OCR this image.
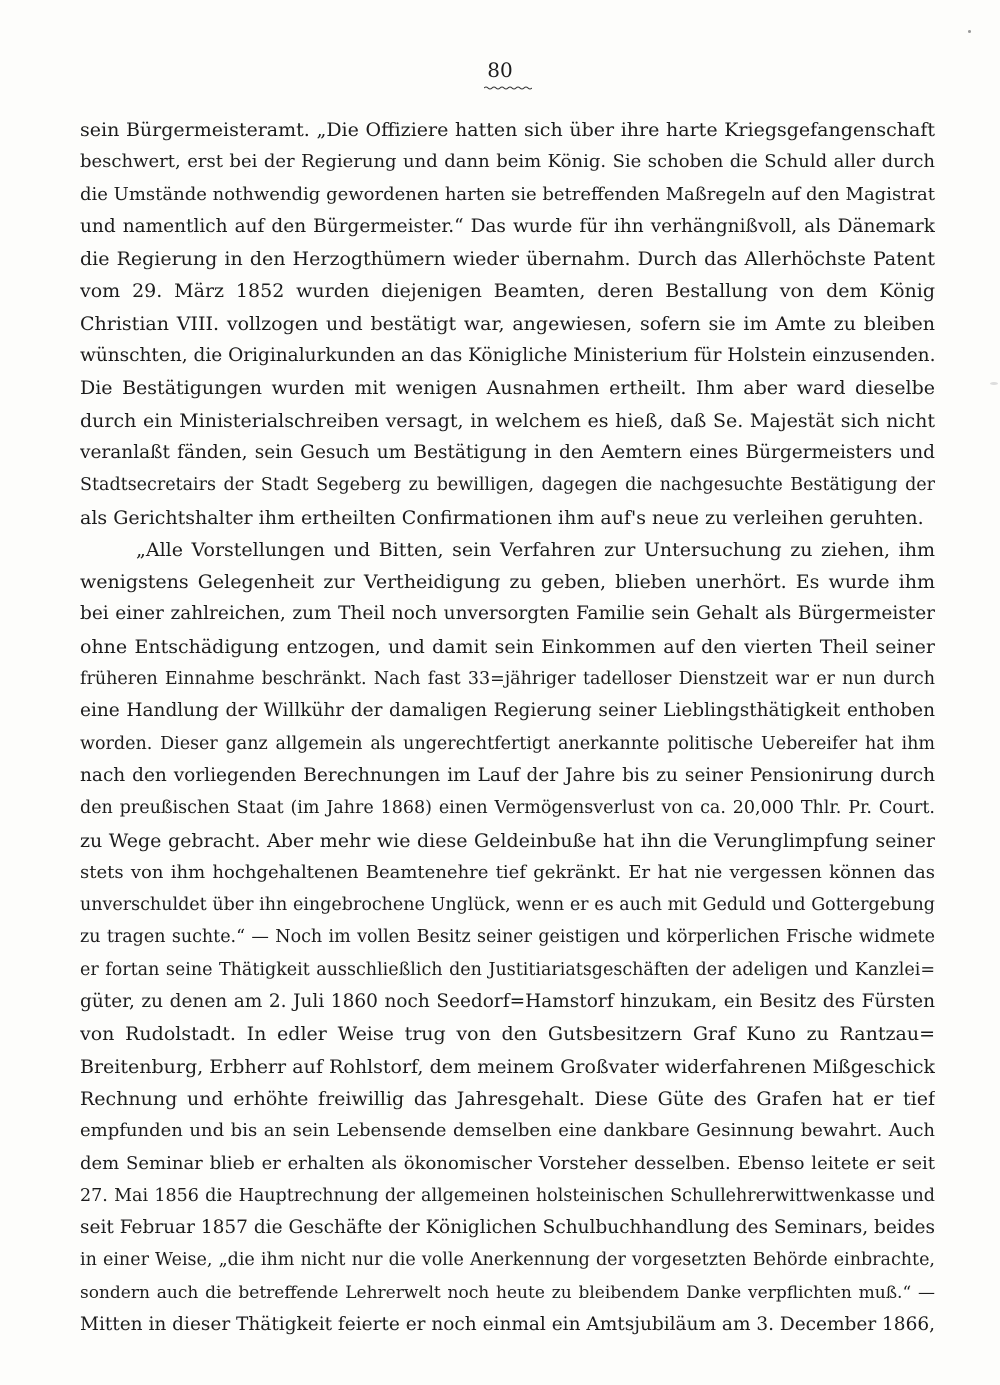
80
sein Bürgermeisteramt. „Die Offiziere hatten sich über ihre harte Kriegsgefangenschaft
beschwert, erst bei der Regierung und dann beim König. Sie schoben die Schuld aller durch
die Umstände nothwendig gewordenen harten sie betreffenden Maßregeln auf den Magistrat
und namentlich auf den Bürgermeister.“ Das wurde für ihn verhängnißvoll, als Dänemark
die Regierung in den Herzogthümern wieder übernahm. Durch das Allerhöchste Patent
vom 29. März 1852 wurden diejenigen Beamten, deren Bestallung von dem König
Christian VIII. vollzogen und bestätigt war, angewiesen, sofern sie im Amte zu bleiben
wünschten, die Originalurkunden an das Königliche Ministerium für Holstein einzusenden.
Die Bestätigungen wurden mit wenigen Ausnahmen ertheilt. Ihm aber ward dieselbe
durch ein Ministerialschreiben versagt, in welchem es hieß, daß Se. Majestät sich nicht
veranlaßt fänden, sein Gesuch um Bestätigung in den Aemtern eines Bürgermeisters und
Stadtsecretairs der Stadt Segeberg zu bewilligen, dagegen die nachgesuchte Bestätigung der
als Gerichtshalter ihm ertheilten Confirmationen ihm auf's neue zu verleihen geruhten.
„Alle Vorstellungen und Bitten, sein Verfahren zur Untersuchung zu ziehen, ihm
wenigstens Gelegenheit zur Vertheidigung zu geben, blieben unerhört. Es wurde ihm
bei einer zahlreichen, zum Theil noch unversorgten Familie sein Gehalt als Bürgermeister
ohne Entschädigung entzogen, und damit sein Einkommen auf den vierten Theil seiner
früheren Einnahme beschränkt. Nach fast 33=jähriger tadelloser Dienstzeit war er nun durch
eine Handlung der Willkühr der damaligen Regierung seiner Lieblingsthätigkeit enthoben
worden. Dieser ganz allgemein als ungerechtfertigt anerkannte politische Uebereifer hat ihm
nach den vorliegenden Berechnungen im Lauf der Jahre bis zu seiner Pensionirung durch
den preußischen Staat (im Jahre 1868) einen Vermögensverlust von ca. 20,000 Thlr. Pr. Court.
zu Wege gebracht. Aber mehr wie diese Geldeinbuße hat ihn die Verunglimpfung seiner
stets von ihm hochgehaltenen Beamtenehre tief gekränkt. Er hat nie vergessen können das
unverschuldet über ihn eingebrochene Unglück, wenn er es auch mit Geduld und Gottergebung
zu tragen suchte.“ — Noch im vollen Besitz seiner geistigen und körperlichen Frische widmete
er fortan seine Thätigkeit ausschließlich den Justitiariatsgeschäften der adeligen und Kanzlei=
güter, zu denen am 2. Juli 1860 noch Seedorf=Hamstorf hinzukam, ein Besitz des Fürsten
von Rudolstadt. In edler Weise trug von den Gutsbesitzern Graf Kuno zu Rantzau=
Breitenburg, Erbherr auf Rohlstorf, dem meinem Großvater widerfahrenen Mißgeschick
Rechnung und erhöhte freiwillig das Jahresgehalt. Diese Güte des Grafen hat er tief
empfunden und bis an sein Lebensende demselben eine dankbare Gesinnung bewahrt. Auch
dem Seminar blieb er erhalten als ökonomischer Vorsteher desselben. Ebenso leitete er seit
27. Mai 1856 die Hauptrechnung der allgemeinen holsteinischen Schullehrerwittwenkasse und
seit Februar 1857 die Geschäfte der Königlichen Schulbuchhandlung des Seminars, beides
in einer Weise, „die ihm nicht nur die volle Anerkennung der vorgesetzten Behörde einbrachte,
sondern auch die betreffende Lehrerwelt noch heute zu bleibendem Danke verpflichten muß.“ —
Mitten in dieser Thätigkeit feierte er noch einmal ein Amtsjubiläum am 3. December 1866,
